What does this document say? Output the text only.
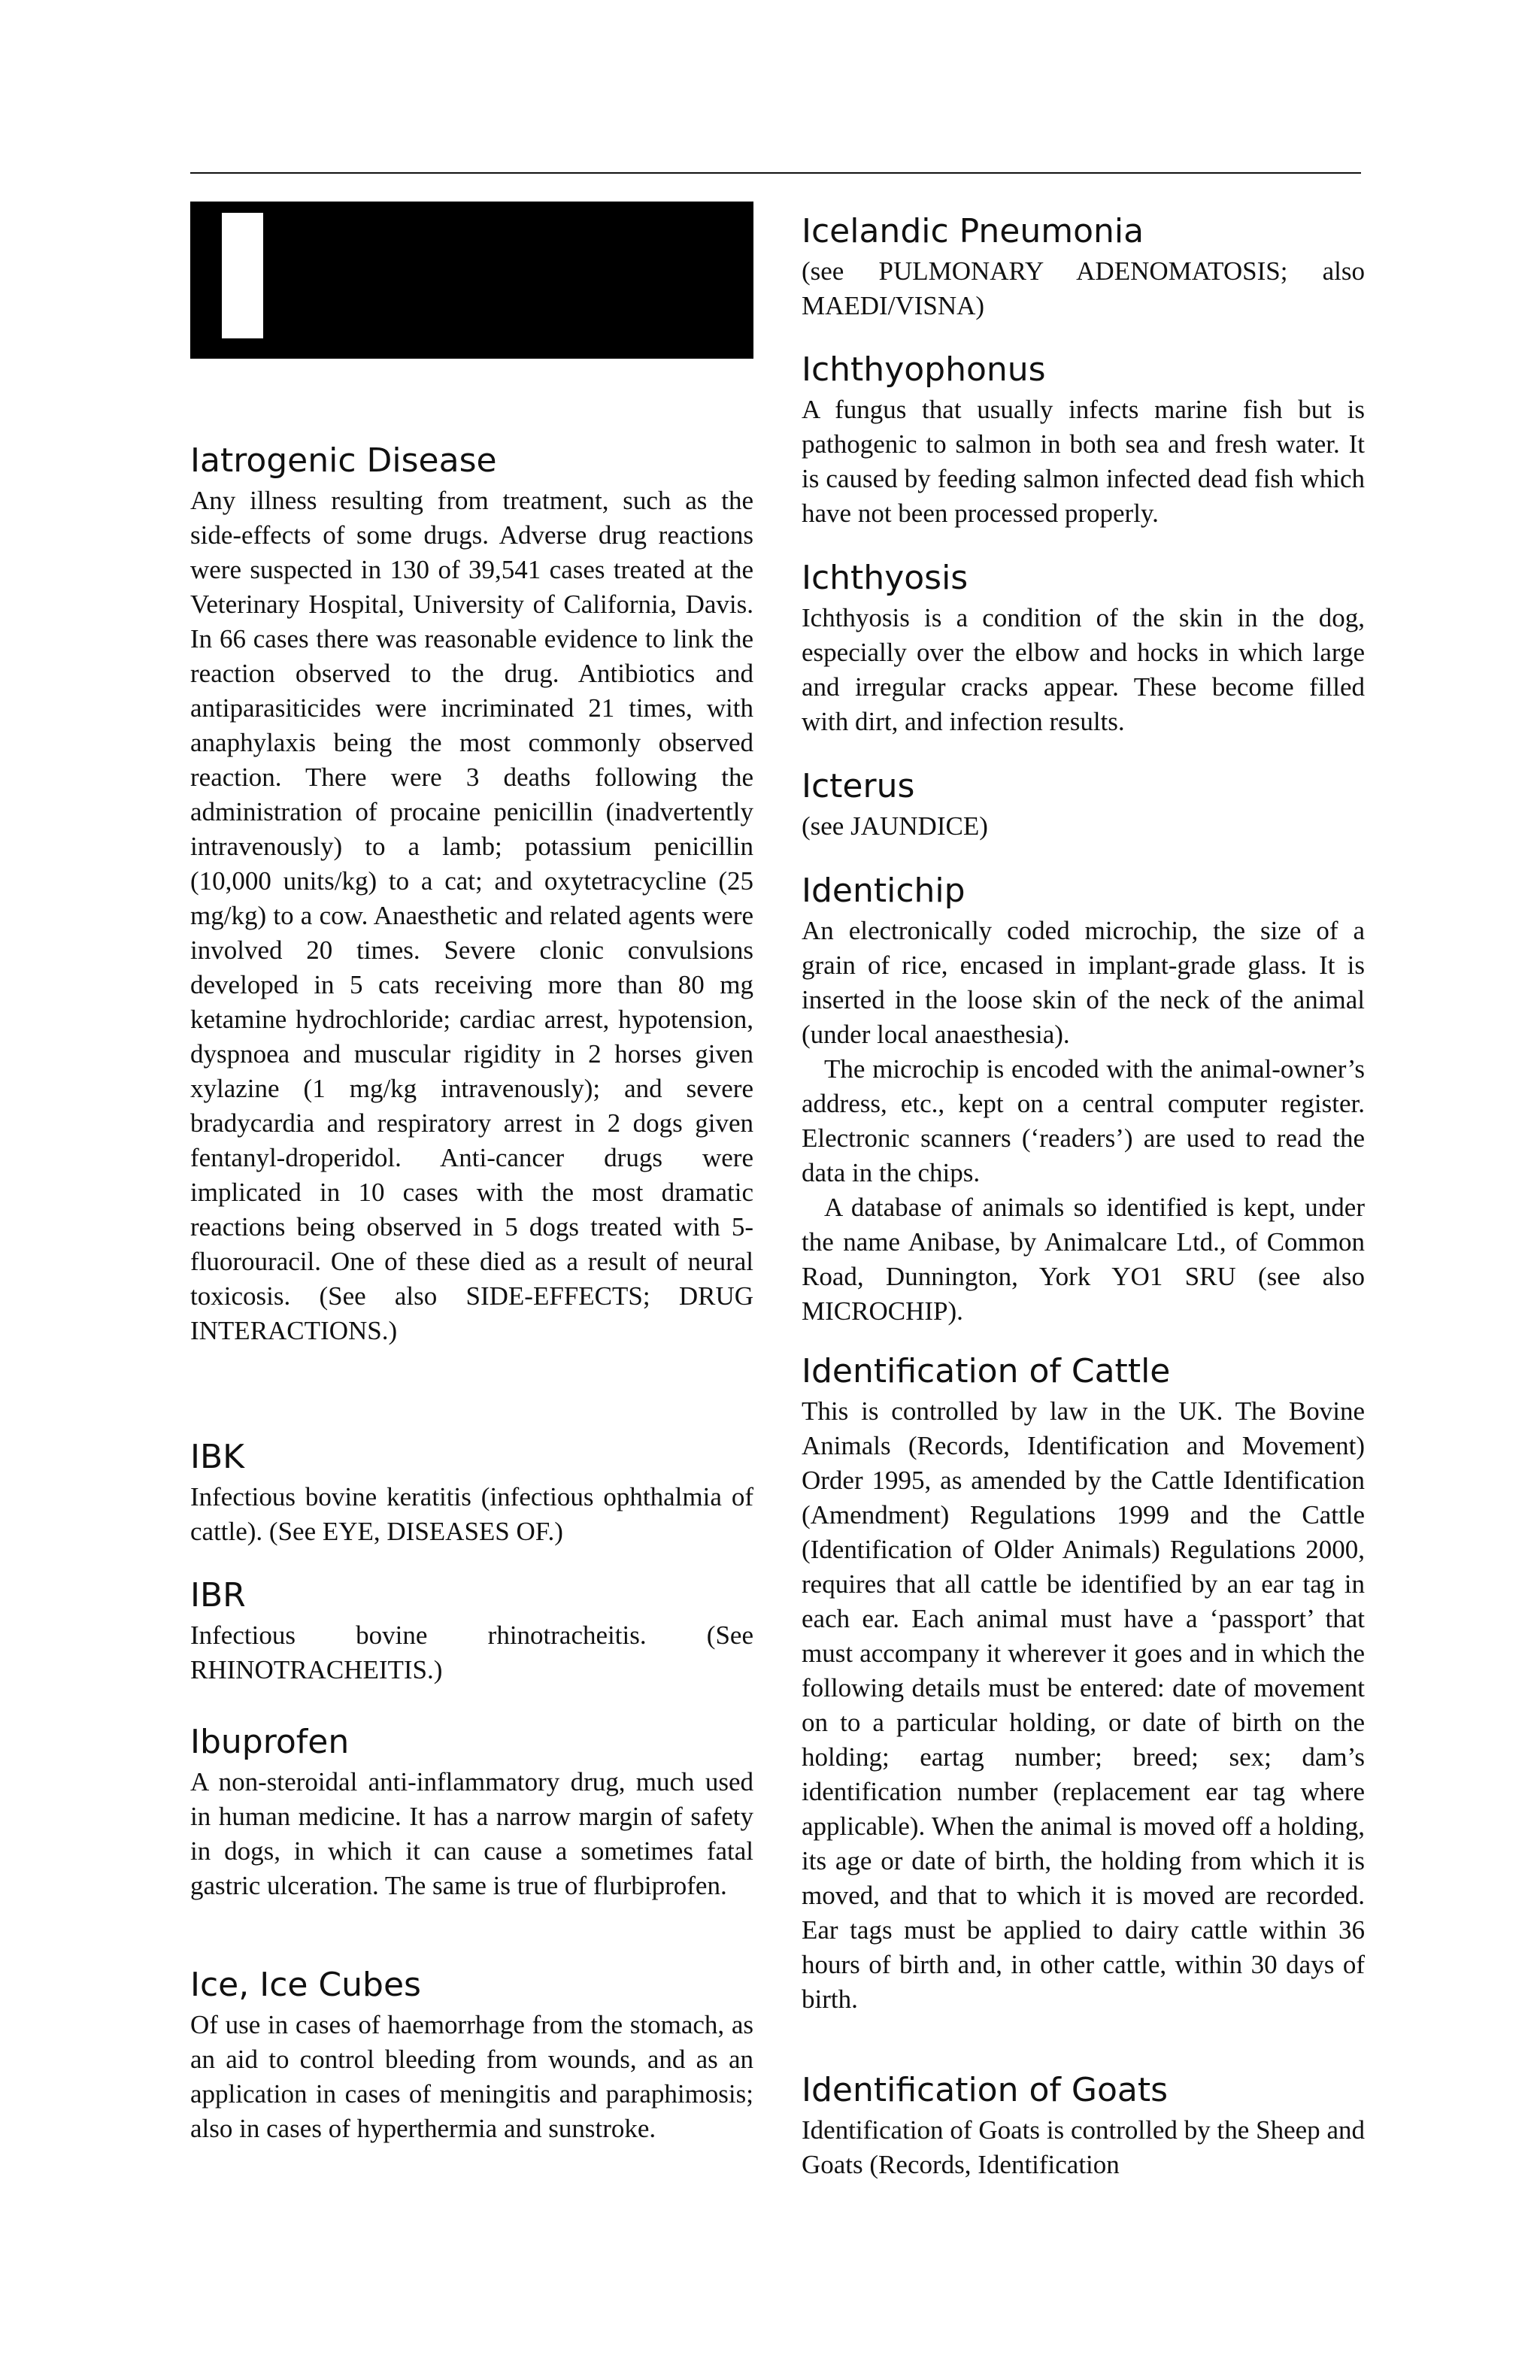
Iatrogenic Disease

Any illness resulting from treatment, such as the side-effects of some drugs. Adverse drug reactions were suspected in 130 of 39,541 cases treated at the Veterinary Hospital, University of California, Davis. In 66 cases there was reasonable evidence to link the reaction observed to the drug. Antibiotics and antiparasiticides were incriminated 21 times, with anaphylaxis being the most commonly observed reaction. There were 3 deaths following the administration of procaine penicillin (inadvertently intravenously) to a lamb; potassium penicillin (10,000 units/kg) to a cat; and oxytetracycline (25 mg/kg) to a cow. Anaesthetic and related agents were involved 20 times. Severe clonic convulsions developed in 5 cats receiving more than 80 mg ketamine hydrochloride; cardiac arrest, hypotension, dyspnoea and muscular rigidity in 2 horses given xylazine (1 mg/kg intravenously); and severe bradycardia and respiratory arrest in 2 dogs given fentanyl-droperidol. Anti-cancer drugs were implicated in 10 cases with the most dramatic reactions being observed in 5 dogs treated with 5-fluorouracil. One of these died as a result of neural toxicosis. (See also SIDE-EFFECTS; DRUG INTERACTIONS.)

IBK

Infectious bovine keratitis (infectious ophthalmia of cattle). (See EYE, DISEASES OF.)

IBR

Infectious bovine rhinotracheitis. (See RHINOTRACHEITIS.)

Ibuprofen

A non-steroidal anti-inflammatory drug, much used in human medicine. It has a narrow margin of safety in dogs, in which it can cause a sometimes fatal gastric ulceration. The same is true of flurbiprofen.

Ice, Ice Cubes

Of use in cases of haemorrhage from the stomach, as an aid to control bleeding from wounds, and as an application in cases of meningitis and paraphimosis; also in cases of hyperthermia and sunstroke.

Icelandic Pneumonia

(see PULMONARY ADENOMATOSIS; also MAEDI/VISNA)

Ichthyophonus

A fungus that usually infects marine fish but is pathogenic to salmon in both sea and fresh water. It is caused by feeding salmon infected dead fish which have not been processed properly.

Ichthyosis

Ichthyosis is a condition of the skin in the dog, especially over the elbow and hocks in which large and irregular cracks appear. These become filled with dirt, and infection results.

Icterus

(see JAUNDICE)

Identichip

An electronically coded microchip, the size of a grain of rice, encased in implant-grade glass. It is inserted in the loose skin of the neck of the animal (under local anaesthesia).

The microchip is encoded with the animal-owner’s address, etc., kept on a central computer register. Electronic scanners (‘readers’) are used to read the data in the chips.

A database of animals so identified is kept, under the name Anibase, by Animalcare Ltd., of Common Road, Dunnington, York YO1 SRU (see also MICROCHIP).

Identification of Cattle

This is controlled by law in the UK. The Bovine Animals (Records, Identification and Movement) Order 1995, as amended by the Cattle Identification (Amendment) Regulations 1999 and the Cattle (Identification of Older Animals) Regulations 2000, requires that all cattle be identified by an ear tag in each ear. Each animal must have a ‘passport’ that must accompany it wherever it goes and in which the following details must be entered: date of movement on to a particular holding, or date of birth on the holding; eartag number; breed; sex; dam’s identification number (replacement ear tag where applicable). When the animal is moved off a holding, its age or date of birth, the holding from which it is moved, and that to which it is moved are recorded. Ear tags must be applied to dairy cattle within 36 hours of birth and, in other cattle, within 30 days of birth.

Identification of Goats

Identification of Goats is controlled by the Sheep and Goats (Records, Identification
